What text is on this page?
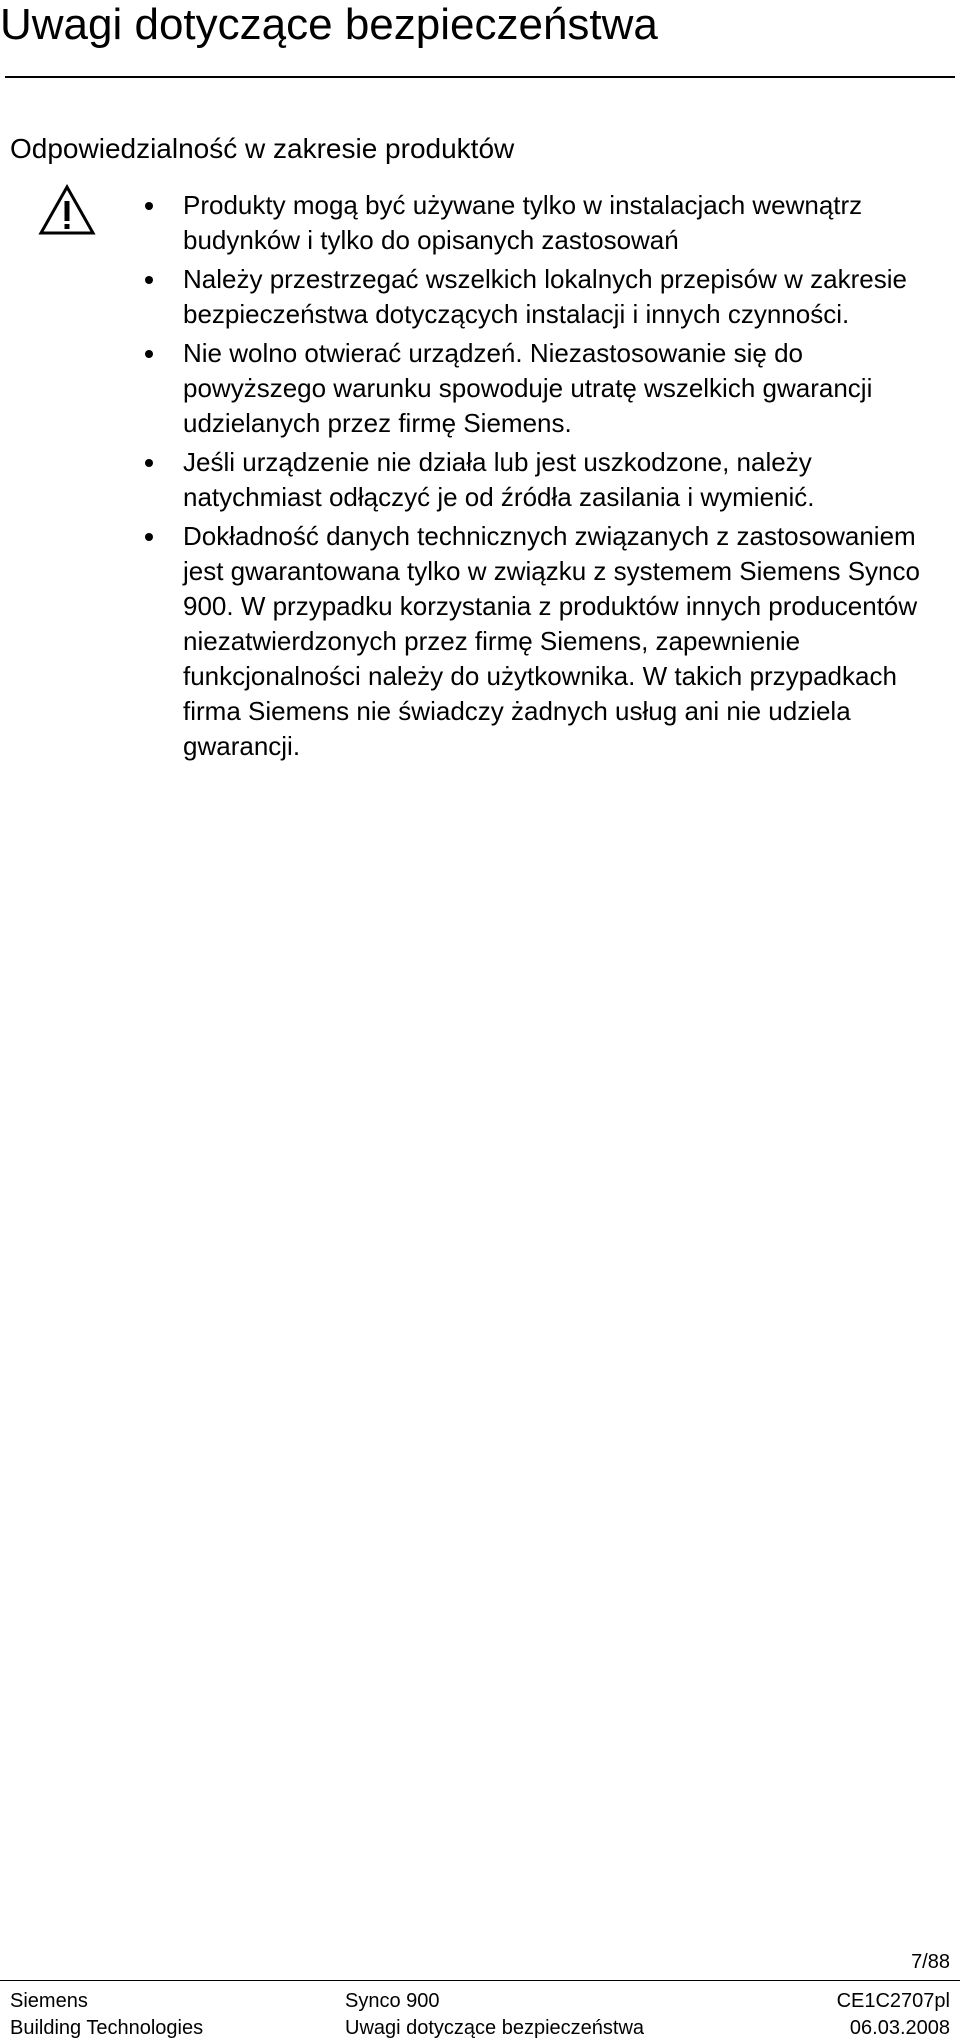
Uwagi dotyczące bezpieczeństwa
Odpowiedzialność w zakresie produktów
Produkty mogą być używane tylko w instalacjach wewnątrz budynków i tylko do opisanych zastosowań
Należy przestrzegać wszelkich lokalnych przepisów w zakresie bezpieczeństwa dotyczących instalacji i innych czynności.
Nie wolno otwierać urządzeń. Niezastosowanie się do powyższego warunku spowoduje utratę wszelkich gwarancji udzielanych przez firmę Siemens.
Jeśli urządzenie nie działa lub jest uszkodzone, należy natychmiast odłączyć je od źródła zasilania i wymienić.
Dokładność danych technicznych związanych z zastosowaniem jest gwarantowana tylko w związku z systemem Siemens Synco 900. W przypadku korzystania z produktów innych producentów niezatwierdzonych przez firmę Siemens, zapewnienie funkcjonalności należy do użytkownika. W takich przypadkach firma Siemens nie świadczy żadnych usług ani nie udziela gwarancji.
7/88
Siemens
Building Technologies
Synco 900
Uwagi dotyczące bezpieczeństwa
CE1C2707pl
06.03.2008
